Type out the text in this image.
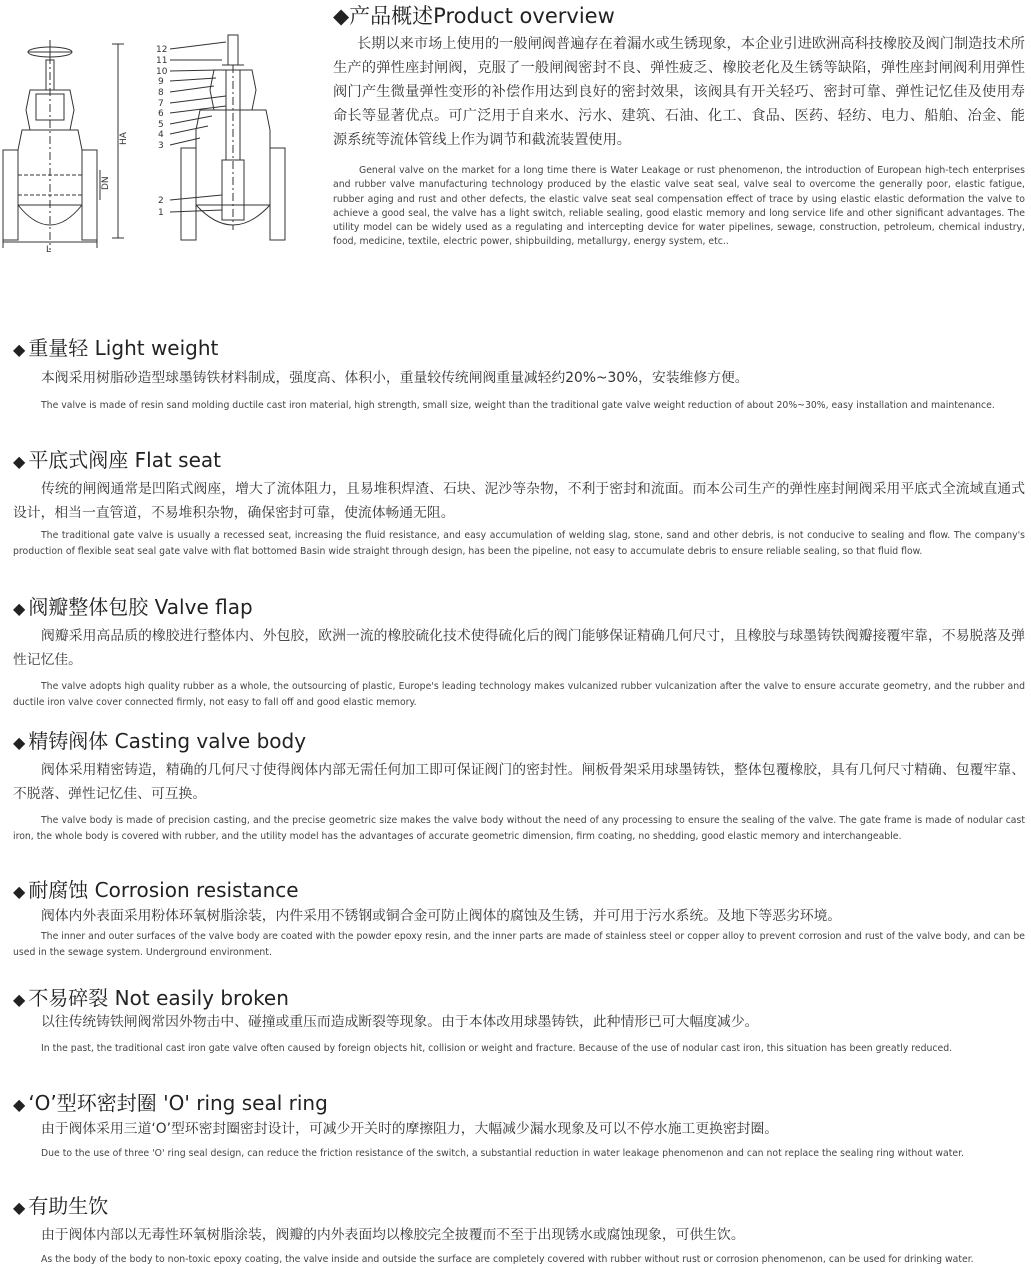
12
11
10
9
8
7
6
5
4
3
2
1
HA
DN
L
◆产品概述Product overview
长期以来市场上使用的一般闸阀普遍存在着漏水或生锈现象，本企业引进欧洲高科技橡胶及阀门制造技术所生产的弹性座封闸阀，克服了一般闸阀密封不良、弹性疲乏、橡胶老化及生锈等缺陷，弹性座封闸阀利用弹性阀门产生微量弹性变形的补偿作用达到良好的密封效果，该阀具有开关轻巧、密封可靠、弹性记忆佳及使用寿命长等显著优点。可广泛用于自来水、污水、建筑、石油、化工、食品、医药、轻纺、电力、船舶、冶金、能源系统等流体管线上作为调节和截流装置使用。
General valve on the market for a long time there is Water Leakage or rust phenomenon, the introduction of European high-tech enterprises and rubber valve manufacturing technology produced by the elastic valve seat seal, valve seal to overcome the generally poor, elastic fatigue, rubber aging and rust and other defects, the elastic valve seat seal compensation effect of trace by using elastic elastic deformation the valve to achieve a good seal, the valve has a light switch, reliable sealing, good elastic memory and long service life and other significant advantages. The utility model can be widely used as a regulating and intercepting device for water pipelines, sewage, construction, petroleum, chemical industry, food, medicine, textile, electric power, shipbuilding, metallurgy, energy system, etc..
◆ 重量轻 Light weight
本阀采用树脂砂造型球墨铸铁材料制成，强度高、体积小，重量较传统闸阀重量减轻约20%~30%，安装维修方便。
The valve is made of resin sand molding ductile cast iron material, high strength, small size, weight than the traditional gate valve weight reduction of about 20%~30%, easy installation and maintenance.
◆ 平底式阀座 Flat seat
传统的闸阀通常是凹陷式阀座，增大了流体阻力，且易堆积焊渣、石块、泥沙等杂物，不利于密封和流面。而本公司生产的弹性座封闸阀采用平底式全流域直通式设计，相当一直管道，不易堆积杂物，确保密封可靠，使流体畅通无阻。
The traditional gate valve is usually a recessed seat, increasing the fluid resistance, and easy accumulation of welding slag, stone, sand and other debris, is not conducive to sealing and flow. The company's production of flexible seat seal gate valve with flat bottomed Basin wide straight through design, has been the pipeline, not easy to accumulate debris to ensure reliable sealing, so that fluid flow.
◆ 阀瓣整体包胶 Valve flap
阀瓣采用高品质的橡胶进行整体内、外包胶，欧洲一流的橡胶硫化技术使得硫化后的阀门能够保证精确几何尺寸，且橡胶与球墨铸铁阀瓣接覆牢靠，不易脱落及弹性记忆佳。
The valve adopts high quality rubber as a whole, the outsourcing of plastic, Europe's leading technology makes vulcanized rubber vulcanization after the valve to ensure accurate geometry, and the rubber and ductile iron valve cover connected firmly, not easy to fall off and good elastic memory.
◆ 精铸阀体 Casting valve body
阀体采用精密铸造，精确的几何尺寸使得阀体内部无需任何加工即可保证阀门的密封性。闸板骨架采用球墨铸铁，整体包覆橡胶，具有几何尺寸精确、包覆牢靠、不脱落、弹性记忆佳、可互换。
The valve body is made of precision casting, and the precise geometric size makes the valve body without the need of any processing to ensure the sealing of the valve. The gate frame is made of nodular cast iron, the whole body is covered with rubber, and the utility model has the advantages of accurate geometric dimension, firm coating, no shedding, good elastic memory and interchangeable.
◆ 耐腐蚀 Corrosion resistance
阀体内外表面采用粉体环氧树脂涂装，内件采用不锈钢或铜合金可防止阀体的腐蚀及生锈，并可用于污水系统。及地下等恶劣环境。
The inner and outer surfaces of the valve body are coated with the powder epoxy resin, and the inner parts are made of stainless steel or copper alloy to prevent corrosion and rust of the valve body, and can be used in the sewage system. Underground environment.
◆ 不易碎裂 Not easily broken
以往传统铸铁闸阀常因外物击中、碰撞或重压而造成断裂等现象。由于本体改用球墨铸铁，此种情形已可大幅度减少。
In the past, the traditional cast iron gate valve often caused by foreign objects hit, collision or weight and fracture. Because of the use of nodular cast iron, this situation has been greatly reduced.
◆ ‘O’型环密封圈 'O' ring seal ring
由于阀体采用三道‘O’型环密封圈密封设计，可减少开关时的摩擦阻力，大幅减少漏水现象及可以不停水施工更换密封圈。
Due to the use of three 'O' ring seal design, can reduce the friction resistance of the switch, a substantial reduction in water leakage phenomenon and can not replace the sealing ring without water.
◆ 有助生饮
由于阀体内部以无毒性环氧树脂涂装，阀瓣的内外表面均以橡胶完全披覆而不至于出现锈水或腐蚀现象，可供生饮。
As the body of the body to non-toxic epoxy coating, the valve inside and outside the surface are completely covered with rubber without rust or corrosion phenomenon, can be used for drinking water.
